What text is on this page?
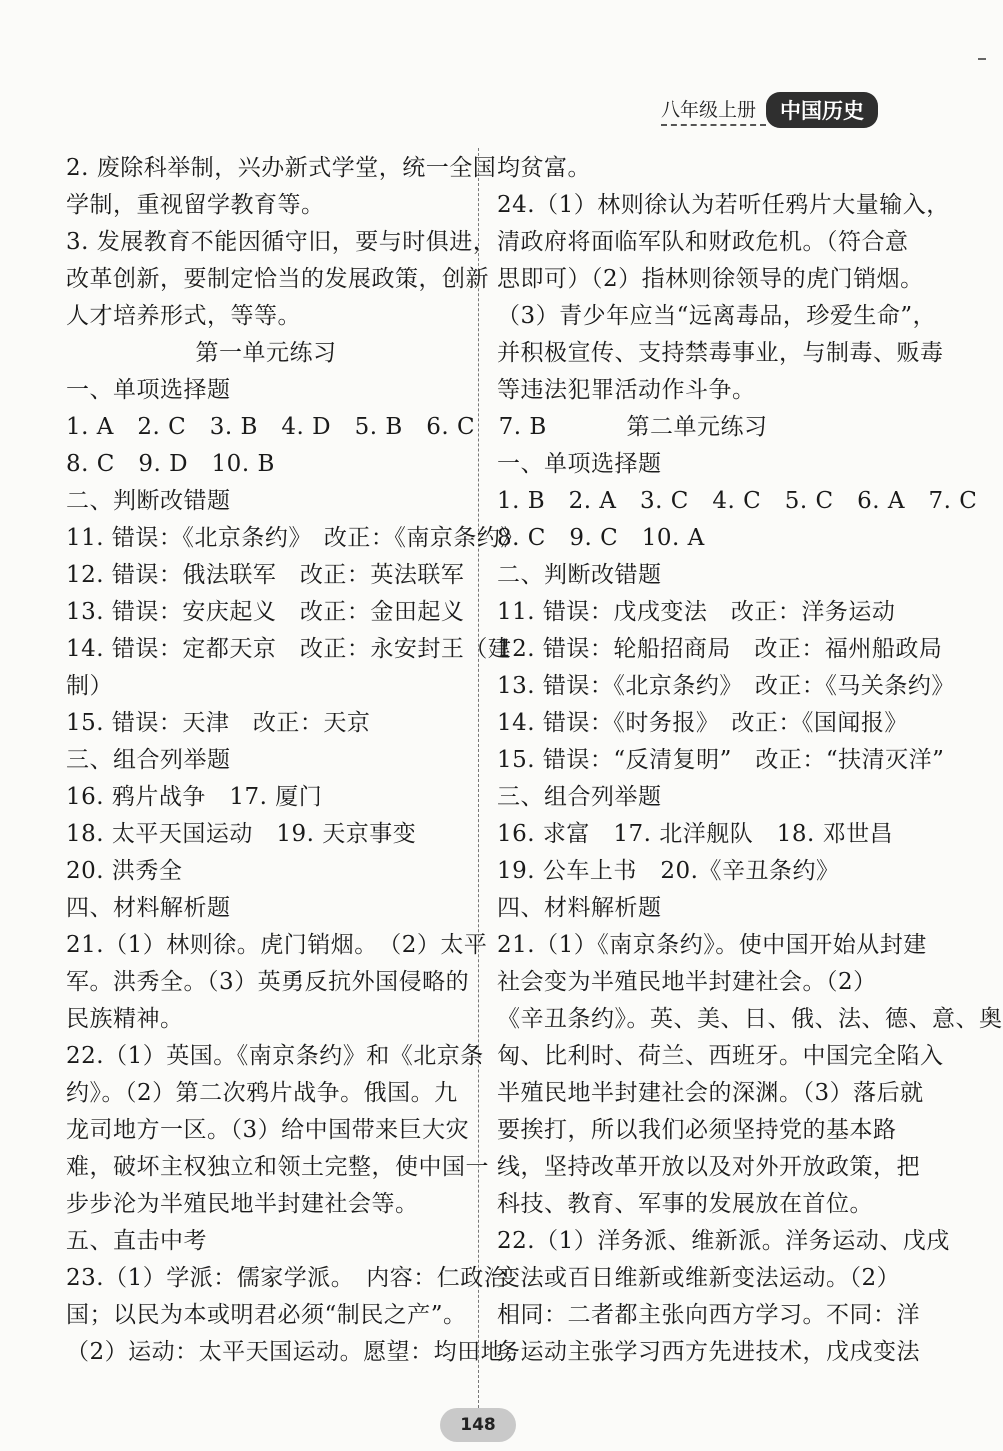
八年级上册	中国历史
2. 废除科举制，兴办新式学堂，统一全国
学制，重视留学教育等。
3. 发展教育不能因循守旧，要与时俱进，
改革创新，要制定恰当的发展政策，创新
人才培养形式，等等。
第一单元练习
一、单项选择题
1. A　2. C　3. B　4. D　5. B　6. C　7. B
8. C　9. D　10. B
二、判断改错题
11. 错误：《北京条约》　改正：《南京条约》
12. 错误：俄法联军　改正：英法联军
13. 错误：安庆起义　改正：金田起义
14. 错误：定都天京　改正：永安封王（建
制）
15. 错误：天津　改正：天京
三、组合列举题
16. 鸦片战争　17. 厦门
18. 太平天国运动　19. 天京事变
20. 洪秀全
四、材料解析题
21.（1）林则徐。虎门销烟。　（2）太平
军。洪秀全。（3）英勇反抗外国侵略的
民族精神。
22.（1）英国。《南京条约》和《北京条
约》。（2）第二次鸦片战争。俄国。九
龙司地方一区。（3）给中国带来巨大灾
难，破坏主权独立和领土完整，使中国一
步步沦为半殖民地半封建社会等。
五、直击中考
23.（1）学派：儒家学派。　内容：仁政治
国；以民为本或明君必须“制民之产”。
（2）运动：太平天国运动。愿望：均田地；
均贫富。
24.（1）林则徐认为若听任鸦片大量输入，
清政府将面临军队和财政危机。（符合意
思即可）（2）指林则徐领导的虎门销烟。
（3）青少年应当“远离毒品，珍爱生命”，
并积极宣传、支持禁毒事业，与制毒、贩毒
等违法犯罪活动作斗争。
第二单元练习
一、单项选择题
1. B　2. A　3. C　4. C　5. C　6. A　7. C
8. C　9. C　10. A
二、判断改错题
11. 错误：戊戌变法　改正：洋务运动
12. 错误：轮船招商局　改正：福州船政局
13. 错误：《北京条约》　改正：《马关条约》
14. 错误：《时务报》　改正：《国闻报》
15. 错误：“反清复明”　改正：“扶清灭洋”
三、组合列举题
16. 求富　17. 北洋舰队　18. 邓世昌
19. 公车上书　20.《辛丑条约》
四、材料解析题
21.（1）《南京条约》。使中国开始从封建
社会变为半殖民地半封建社会。（2）
《辛丑条约》。英、美、日、俄、法、德、意、奥
匈、比利时、荷兰、西班牙。中国完全陷入
半殖民地半封建社会的深渊。（3）落后就
要挨打，所以我们必须坚持党的基本路
线，坚持改革开放以及对外开放政策，把
科技、教育、军事的发展放在首位。
22.（1）洋务派、维新派。洋务运动、戊戌
变法或百日维新或维新变法运动。（2）
相同：二者都主张向西方学习。不同：洋
务运动主张学习西方先进技术，戊戌变法
148
